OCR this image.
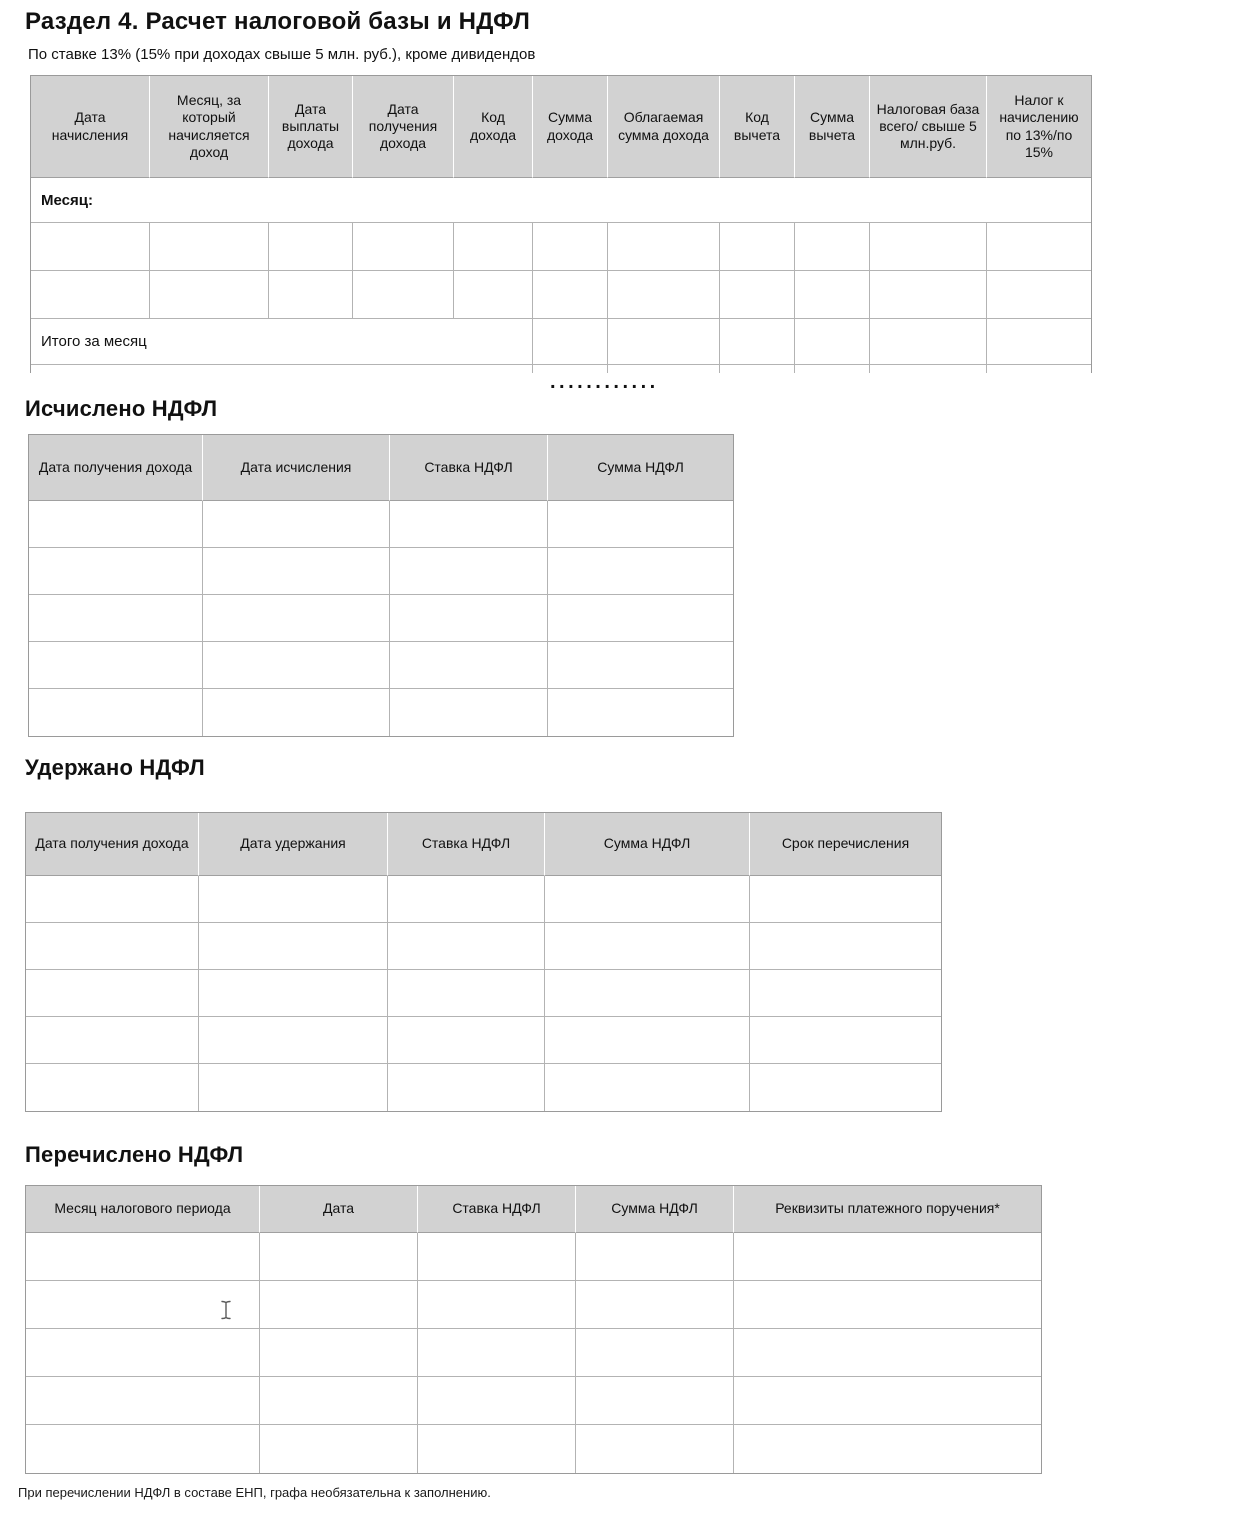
Раздел 4. Расчет налоговой базы и НДФЛ
По ставке 13% (15% при доходах свыше 5 млн. руб.), кроме дивидендов
Дата начисления	Месяц, за который начисляется доход	Дата выплаты дохода	Дата получения дохода	Код дохода	Сумма дохода	Облагаемая сумма дохода	Код вычета	Сумма вычета	Налоговая база всего/ свыше 5 млн.руб.	Налог к начислению по 13%/по 15%
Месяц:										

Итого за месяц										

............
Исчислено НДФЛ
Дата получения дохода	Дата исчисления	Ставка НДФЛ	Сумма НДФЛ

Удержано НДФЛ
Дата получения дохода	Дата удержания	Ставка НДФЛ	Сумма НДФЛ	Срок перечисления

Перечислено НДФЛ
Месяц налогового периода	Дата	Ставка НДФЛ	Сумма НДФЛ	Реквизиты платежного поручения*

При перечислении НДФЛ в составе ЕНП, графа необязательна к заполнению.
